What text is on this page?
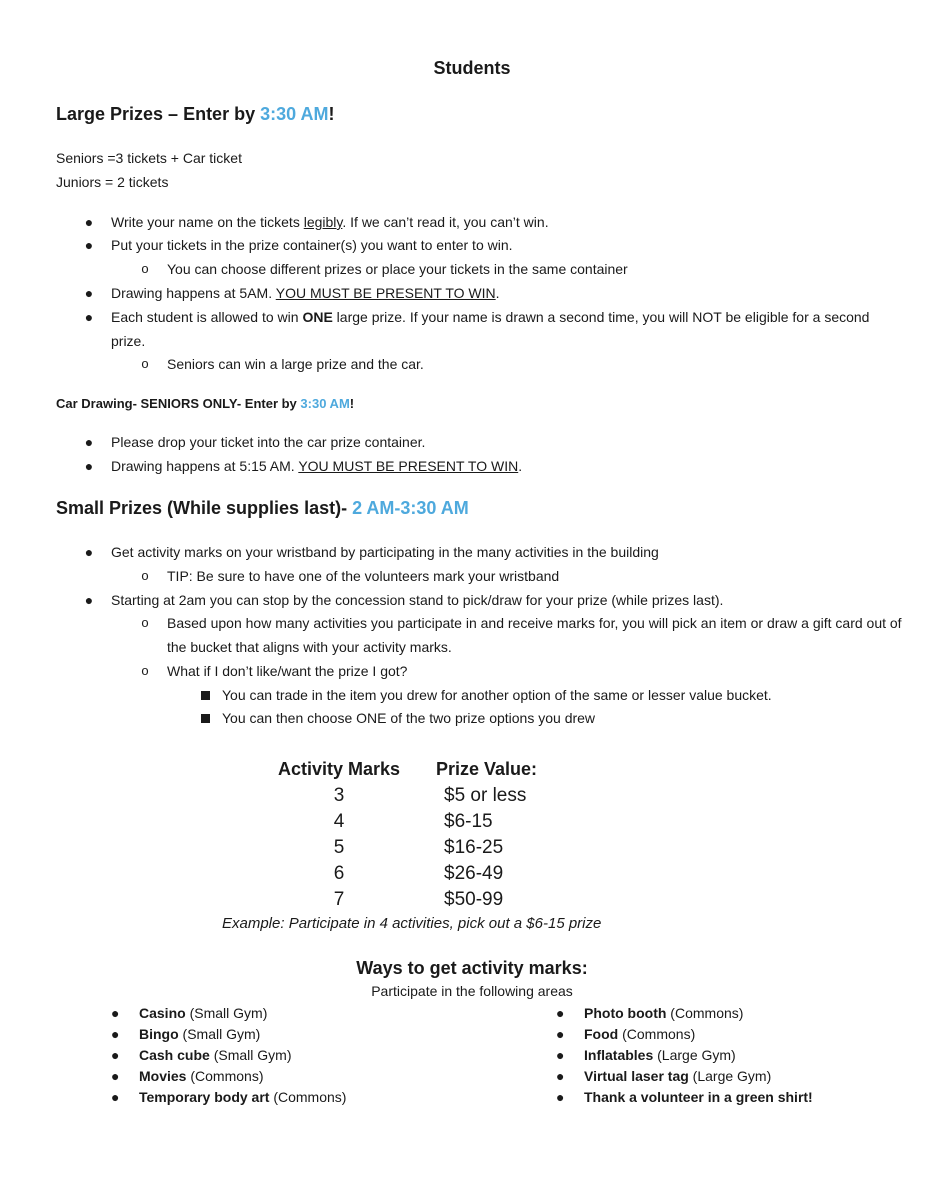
Students
Large Prizes – Enter by 3:30 AM!
Seniors =3 tickets + Car ticket
Juniors = 2 tickets
● Write your name on the tickets legibly. If we can’t read it, you can’t win.
● Put your tickets in the prize container(s) you want to enter to win.
o You can choose different prizes or place your tickets in the same container
● Drawing happens at 5AM. YOU MUST BE PRESENT TO WIN.
● Each student is allowed to win ONE large prize. If your name is drawn a second time, you will NOT be eligible for a second prize.
o Seniors can win a large prize and the car.
Car Drawing- SENIORS ONLY- Enter by 3:30 AM!
● Please drop your ticket into the car prize container.
● Drawing happens at 5:15 AM. YOU MUST BE PRESENT TO WIN.
Small Prizes (While supplies last)- 2 AM-3:30 AM
● Get activity marks on your wristband by participating in the many activities in the building
o TIP: Be sure to have one of the volunteers mark your wristband
● Starting at 2am you can stop by the concession stand to pick/draw for your prize (while prizes last).
o Based upon how many activities you participate in and receive marks for, you will pick an item or draw a gift card out of the bucket that aligns with your activity marks.
o What if I don’t like/want the prize I got?
You can trade in the item you drew for another option of the same or lesser value bucket.
You can then choose ONE of the two prize options you drew
Activity Marks Prize Value:
3	$5 or less
4	$6-15
5	$16-25
6	$26-49
7	$50-99
Example: Participate in 4 activities, pick out a $6-15 prize
Ways to get activity marks:
Participate in the following areas
● Casino (Small Gym)
● Bingo (Small Gym)
● Cash cube (Small Gym)
● Movies (Commons)
● Temporary body art (Commons)
● Photo booth (Commons)
● Food (Commons)
● Inflatables (Large Gym)
● Virtual laser tag (Large Gym)
● Thank a volunteer in a green shirt!
